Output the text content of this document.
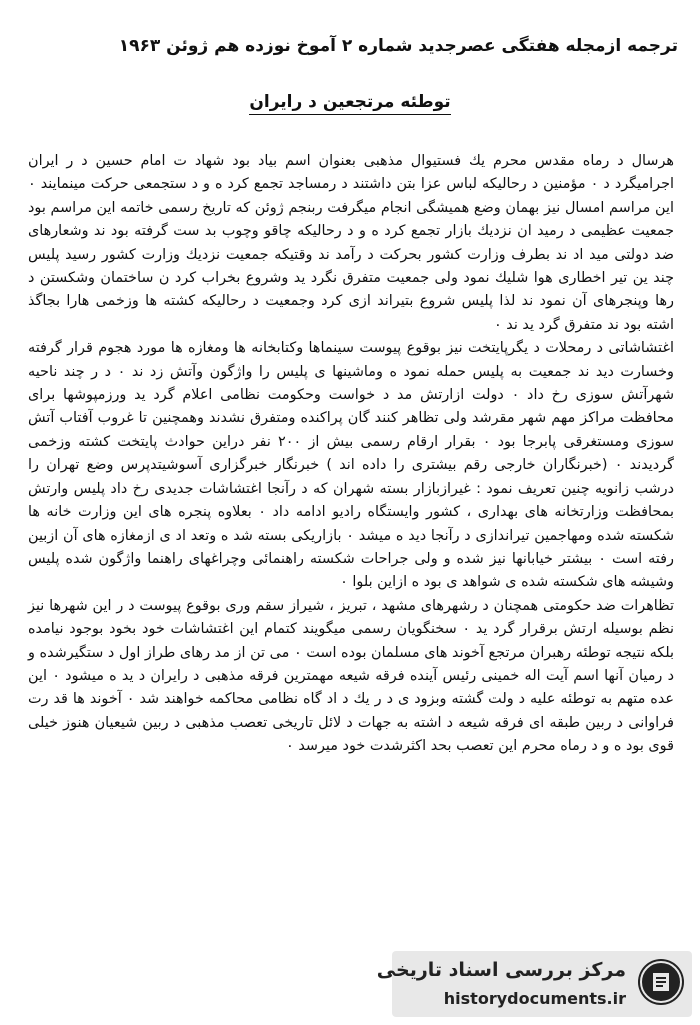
ترجمه ازمجله هفتگی عصرجدید شماره ۲ آموخ نوزده هم ژوئن ۱۹۶۳
توطئه مرتجعین د رایران

هرسال د رماه مقدس محرم یك فستیوال مذهبی بعنوان اسم بیاد بود شهاد ت امام حسین د ر ایران اجرامیگرد د ۰ مؤمنین د رحالیکه لباس عزا بتن داشتند د رمساجد تجمع کرد ه و د ستجمعی حرکت مینمایند ۰ این مراسم امسال نیز بهمان وضع همیشگی انجام میگرفت ربنجم ژوئن که تاریخ رسمی خاتمه این مراسم بود جمعیت عظیمی د رمید ان نزدیك بازار تجمع کرد ه و د رحالیکه چاقو وچوب بد ست گرفته بود ند وشعارهای ضد دولتی مید اد ند بطرف وزارت کشور بحرکت د رآمد ند وقتیکه جمعیت نزدیك وزارت کشور رسید پلیس چند ین تیر اخطاری هوا شلیك نمود ولی جمعیت متفرق نگرد ید وشروع بخراب کرد ن ساختمان وشکستن د رها وپنجرهای آن نمود ند لذا پلیس شروع بتیراند ازی کرد وجمعیت د رحالیکه کشته ها وزخمی هارا بجاگذ اشته بود ند متفرق گرد ید ند ۰

اغتشاشاتی د رمحلات د یگرپایتخت نیز بوقوع پیوست سینماها وکتابخانه ها ومغازه ها مورد هجوم قرار گرفته وخسارت دید ند جمعیت به پلیس حمله نمود ه وماشینها ی پلیس را واژگون وآتش زد ند ۰ د ر چند ناحیه شهرآتش سوزی رخ داد ۰ دولت ازارتش مد د خواست وحکومت نظامی اعلام گرد ید ورزمپوشها برای محافظت مراکز مهم شهر مقرشد ولی تظاهر کنند گان پراکنده ومتفرق نشدند وهمچنین تا غروب آفتاب آتش سوزی ومستغرقی پابرجا بود ۰ بقرار ارقام رسمی بیش از ۲۰۰ نفر دراین حوادث پایتخت کشته وزخمی گردیدند ۰ (خبرنگاران خارجی رقم بیشتری را داده اند ) خبرنگار خبرگزاری آسوشیتدپرس وضع تهران را درشب زانویه چنین تعریف نمود : غیرازبازار بسته شهران که د رآنجا اغتشاشات جدیدی رخ داد پلیس وارتش بمحافظت وزارتخانه های بهداری ، کشور وایستگاه رادیو ادامه داد ۰ بعلاوه پنجره های این وزارت خانه ها شکسته شده ومهاجمین تیراندازی د رآنجا دید ه میشد ۰ بازاریکی بسته شد ه وتعد اد ی ازمغازه های آن ازبین رفته است ۰ بیشتر خیابانها نیز شده و ولی جراحات شکسته راهنمائی وچراغهای راهنما واژگون شده پلیس وشیشه های شکسته شده ی شواهد ی بود ه ازاین بلوا ۰

تظاهرات ضد حکومتی همچنان د رشهرهای مشهد ، تبریز ، شیراز سقم وری بوقوع پیوست د ر این شهرها نیز نظم بوسیله ارتش برقرار گرد ید ۰ سخنگویان رسمی میگویند کتمام این اغتشاشات خود بخود بوجود نیامده بلکه نتیجه توطئه رهبران مرتجع آخوند های مسلمان بوده است ۰ می تن از مد رهای طراز اول د ستگیرشده و د رمیان آنها اسم آیت اله خمینی رئیس آینده فرقه شیعه مهمترین فرقه مذهبی د رایران د ید ه میشود ۰ این عده متهم به توطئه علیه د ولت گشته وبزود ی د ر یك د اد گاه نظامی محاکمه خواهند شد ۰ آخوند ها قد رت فراوانی د ربین طبقه ای فرقه شیعه د اشته به جهات د لائل تاریخی تعصب مذهبی د ربین شیعیان هنوز خیلی قوی بود ه و د رماه محرم این تعصب بحد اکثرشدت خود میرسد ۰

مرکز بررسی اسناد تاریخی
historydocuments.ir
